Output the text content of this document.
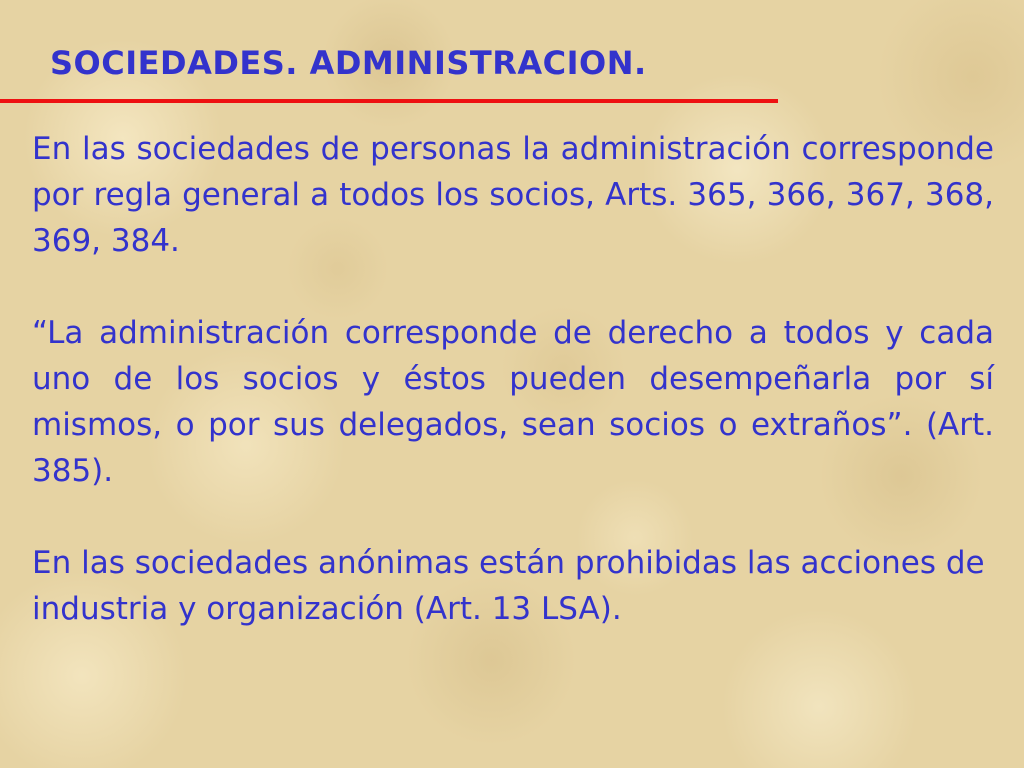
SOCIEDADES. ADMINISTRACION.

En las sociedades de personas la administración corresponde por regla general a todos los socios, Arts. 365, 366, 367, 368, 369, 384.

“La administración corresponde de derecho a todos y cada uno de los socios y éstos pueden desempeñarla por sí mismos, o por sus delegados, sean socios o extraños”. (Art. 385).

En las sociedades anónimas están prohibidas las acciones de industria y organización (Art. 13 LSA).
